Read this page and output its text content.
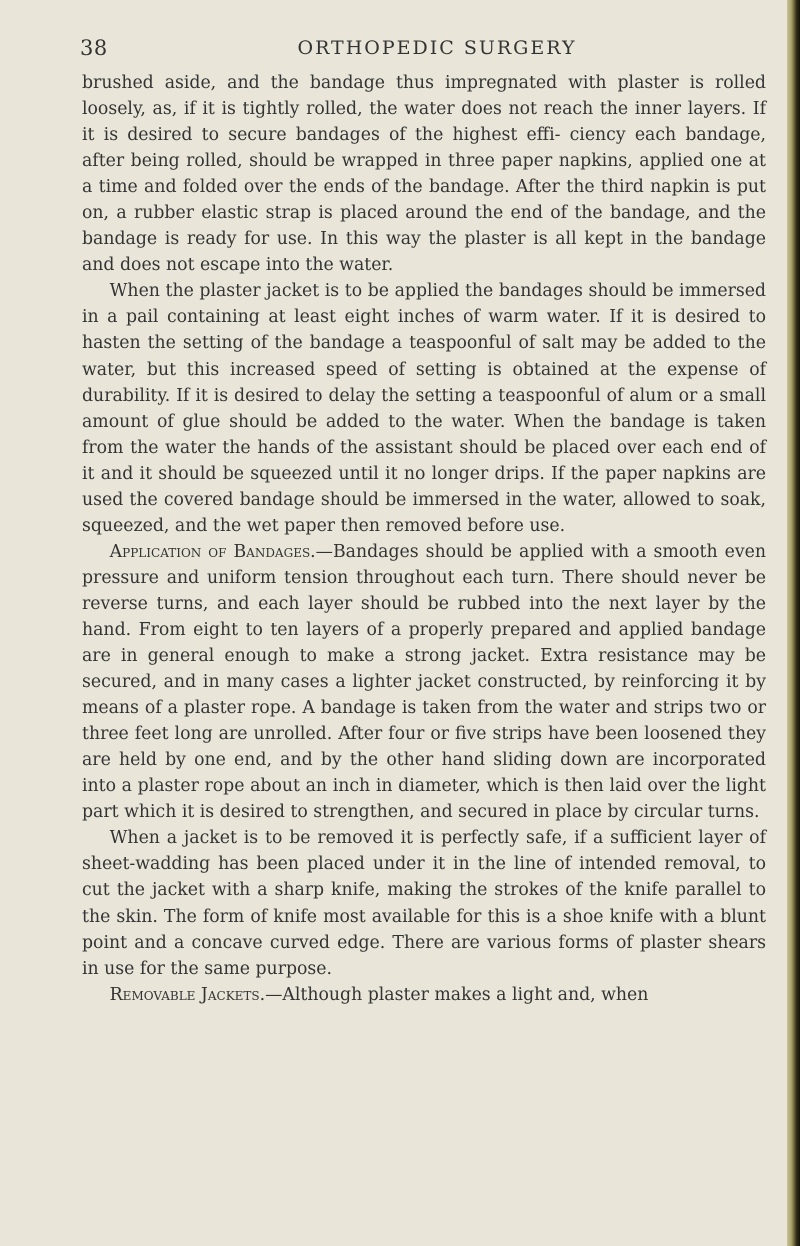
38	ORTHOPEDIC SURGERY

brushed aside, and the bandage thus impregnated with plaster is rolled loosely, as, if it is tightly rolled, the water does not reach the inner layers. If it is desired to secure bandages of the highest effi- ciency each bandage, after being rolled, should be wrapped in three paper napkins, applied one at a time and folded over the ends of the bandage. After the third napkin is put on, a rubber elastic strap is placed around the end of the bandage, and the bandage is ready for use. In this way the plaster is all kept in the bandage and does not escape into the water.

When the plaster jacket is to be applied the bandages should be immersed in a pail containing at least eight inches of warm water. If it is desired to hasten the setting of the bandage a teaspoonful of salt may be added to the water, but this increased speed of setting is obtained at the expense of durability. If it is desired to delay the setting a teaspoonful of alum or a small amount of glue should be added to the water. When the bandage is taken from the water the hands of the assistant should be placed over each end of it and it should be squeezed until it no longer drips. If the paper napkins are used the covered bandage should be immersed in the water, allowed to soak, squeezed, and the wet paper then removed before use.

Application of Bandages.—Bandages should be applied with a smooth even pressure and uniform tension throughout each turn. There should never be reverse turns, and each layer should be rubbed into the next layer by the hand. From eight to ten layers of a properly prepared and applied bandage are in general enough to make a strong jacket. Extra resistance may be secured, and in many cases a lighter jacket constructed, by reinforcing it by means of a plaster rope. A bandage is taken from the water and strips two or three feet long are unrolled. After four or five strips have been loosened they are held by one end, and by the other hand sliding down are incorporated into a plaster rope about an inch in diameter, which is then laid over the light part which it is desired to strengthen, and secured in place by circular turns.

When a jacket is to be removed it is perfectly safe, if a sufficient layer of sheet-wadding has been placed under it in the line of intended removal, to cut the jacket with a sharp knife, making the strokes of the knife parallel to the skin. The form of knife most available for this is a shoe knife with a blunt point and a concave curved edge. There are various forms of plaster shears in use for the same purpose.

Removable Jackets.—Although plaster makes a light and, when
